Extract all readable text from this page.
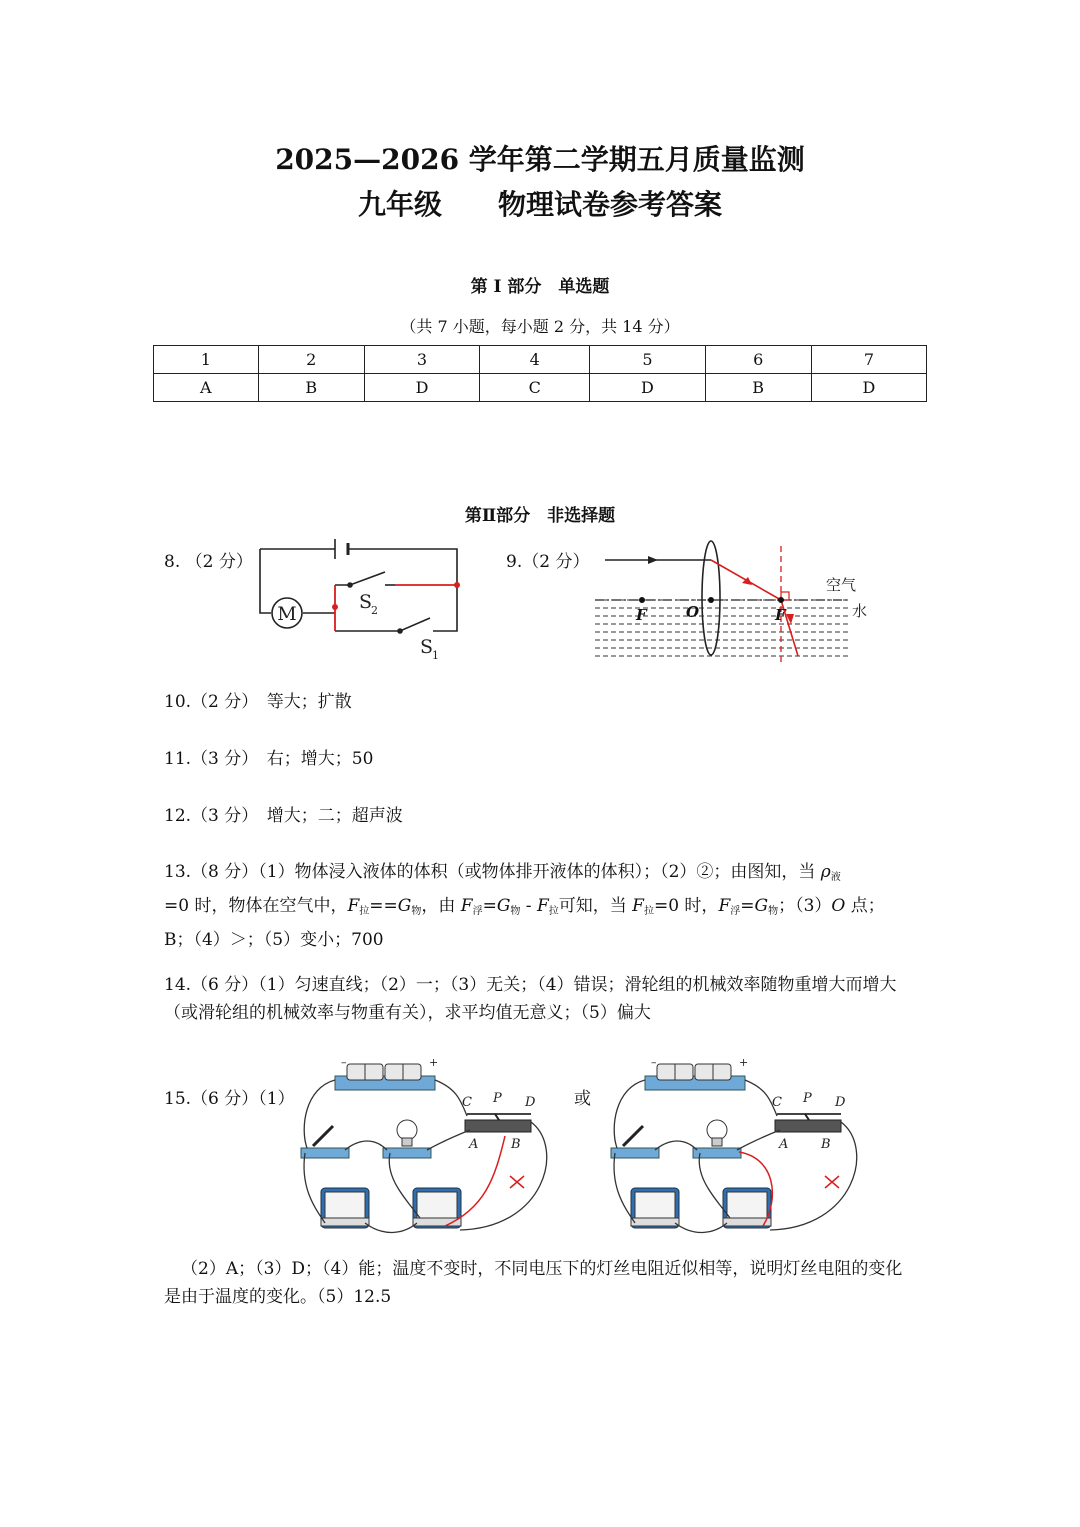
2025—2026 学年第二学期五月质量监测
九年级 物理试卷参考答案
第 I 部分　单选题
（共 7 小题，每小题 2 分，共 14 分）
1	2	3	4	5	6	7
A	B	D	C	D	B	D
第Ⅱ部分　非选择题
8. （2 分）
M
S
2
S
1
9.（2 分）
空气
水
F	O	F
10.（2 分）　等大；扩散
11.（3 分）　右；增大；50
12.（3 分）　增大；二；超声波
13.（8 分）（1）物体浸入液体的体积（或物体排开液体的体积）；（2）②；由图知，当 $\rho_液$
=0 时，物体在空气中，$F_拉==G_物$，由 $F_浮=G_物 - F_拉$可知，当 $F_拉=0$ 时，$F_浮=G_物$；（3）O 点；
B；（4）＞；（5）变小；700
14.（6 分）（1）匀速直线；（2）一；（3）无关；（4）错误；滑轮组的机械效率随物重增大而增大（或滑轮组的机械效率与物重有关），求平均值无意义；（5）偏大
15.（6 分）（1）	或
–	+
C P D
A	B
–	+
C P D
A	B
（2）A；（3）D；（4）能；温度不变时，不同电压下的灯丝电阻近似相等，说明灯丝电阻的变化是由于温度的变化。（5）12.5
